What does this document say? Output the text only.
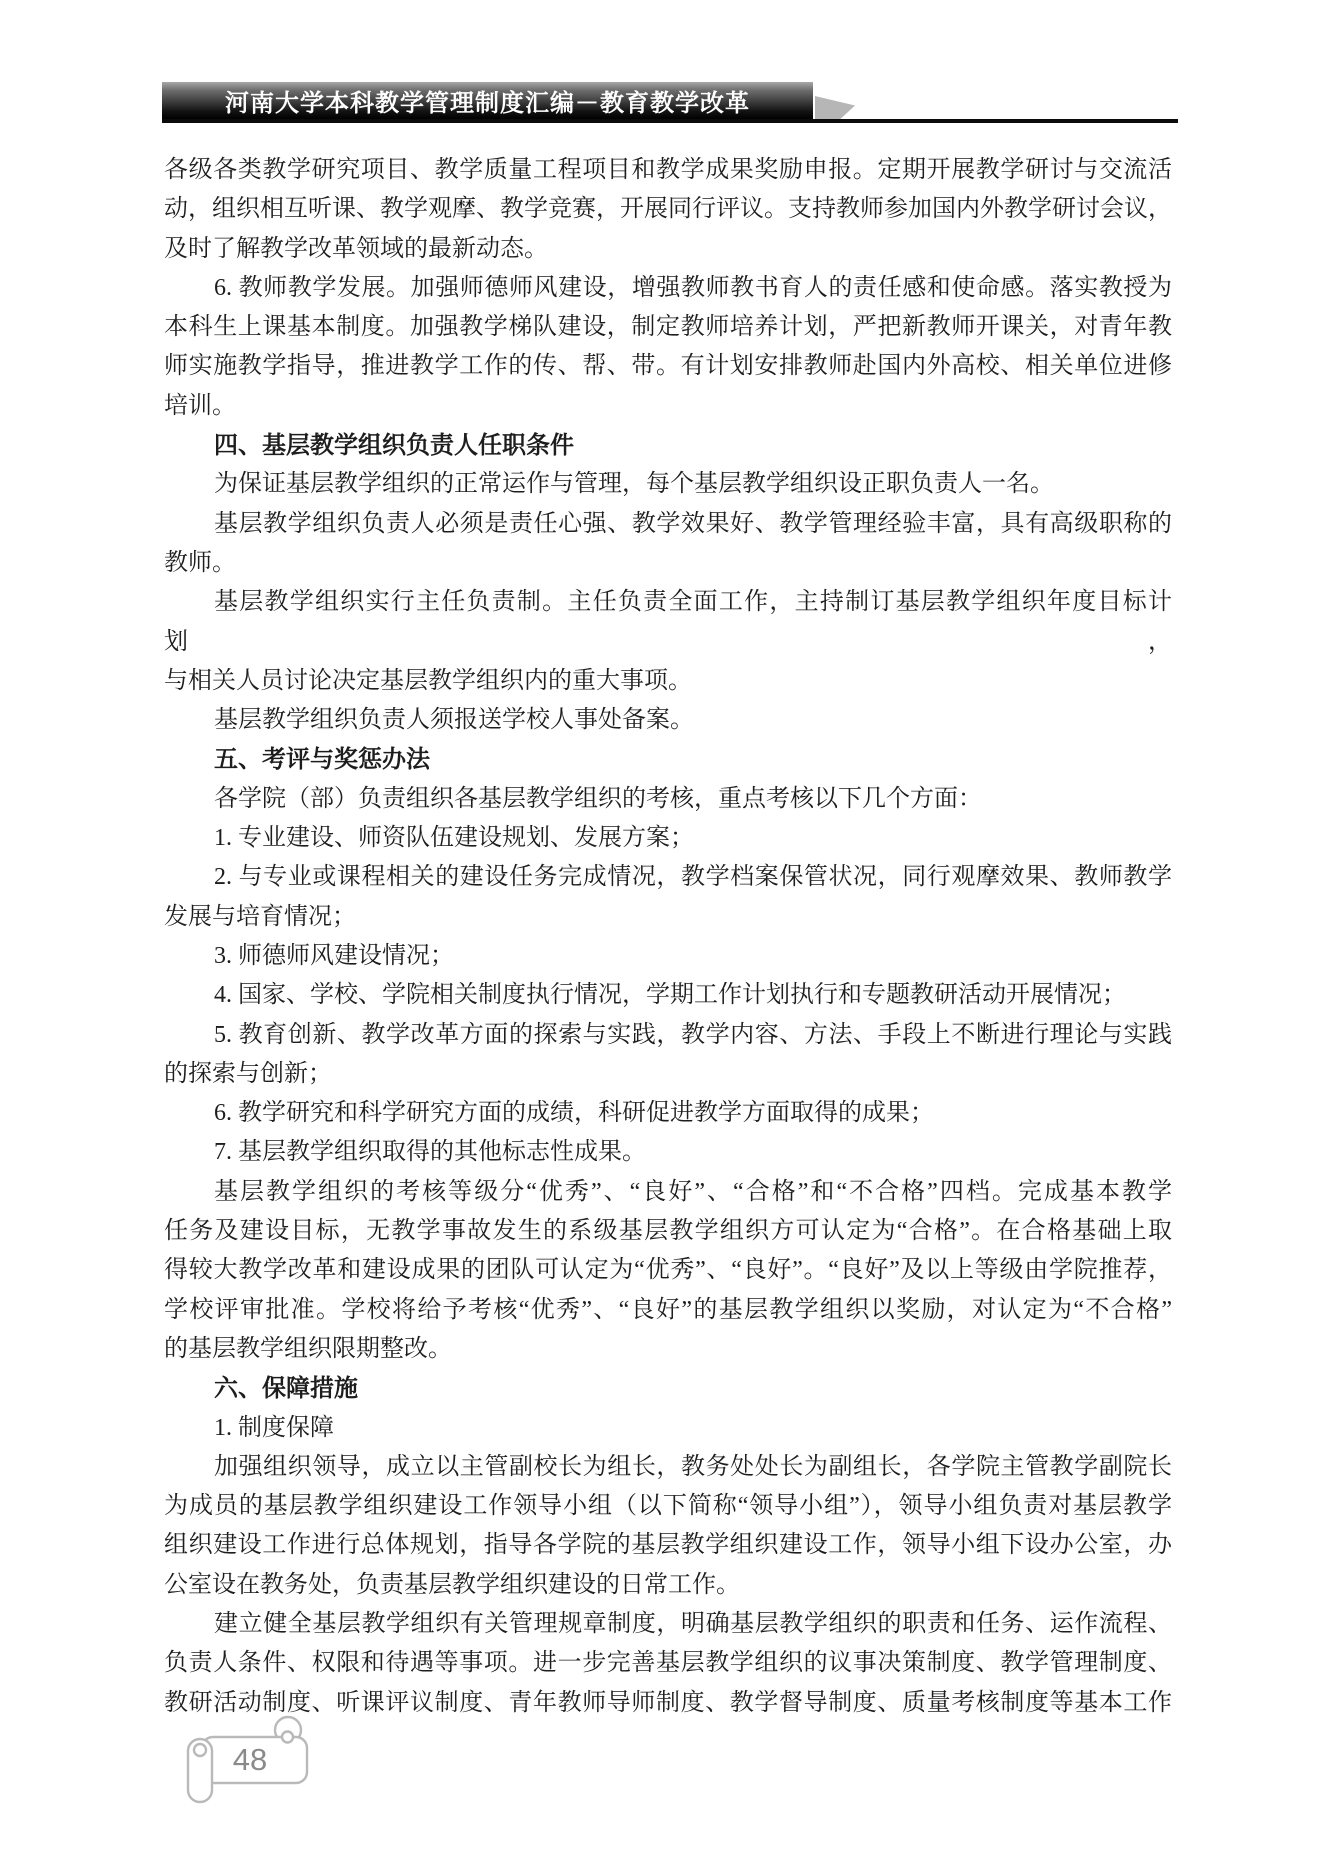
河南大学本科教学管理制度汇编－教育教学改革
各级各类教学研究项目、教学质量工程项目和教学成果奖励申报。定期开展教学研讨与交流活
动，组织相互听课、教学观摩、教学竞赛，开展同行评议。支持教师参加国内外教学研讨会议，
及时了解教学改革领域的最新动态。
6. 教师教学发展。加强师德师风建设，增强教师教书育人的责任感和使命感。落实教授为
本科生上课基本制度。加强教学梯队建设，制定教师培养计划，严把新教师开课关，对青年教
师实施教学指导，推进教学工作的传、帮、带。有计划安排教师赴国内外高校、相关单位进修
培训。
四、基层教学组织负责人任职条件
为保证基层教学组织的正常运作与管理，每个基层教学组织设正职负责人一名。
基层教学组织负责人必须是责任心强、教学效果好、教学管理经验丰富，具有高级职称的
教师。
基层教学组织实行主任负责制。主任负责全面工作，主持制订基层教学组织年度目标计划，
与相关人员讨论决定基层教学组织内的重大事项。
基层教学组织负责人须报送学校人事处备案。
五、考评与奖惩办法
各学院（部）负责组织各基层教学组织的考核，重点考核以下几个方面：
1. 专业建设、师资队伍建设规划、发展方案；
2. 与专业或课程相关的建设任务完成情况，教学档案保管状况，同行观摩效果、教师教学
发展与培育情况；
3. 师德师风建设情况；
4. 国家、学校、学院相关制度执行情况，学期工作计划执行和专题教研活动开展情况；
5. 教育创新、教学改革方面的探索与实践，教学内容、方法、手段上不断进行理论与实践
的探索与创新；
6. 教学研究和科学研究方面的成绩，科研促进教学方面取得的成果；
7. 基层教学组织取得的其他标志性成果。
基层教学组织的考核等级分“优秀”、“良好”、“合格”和“不合格”四档。完成基本教学
任务及建设目标，无教学事故发生的系级基层教学组织方可认定为“合格”。在合格基础上取
得较大教学改革和建设成果的团队可认定为“优秀”、“良好”。“良好”及以上等级由学院推荐，
学校评审批准。学校将给予考核“优秀”、“良好”的基层教学组织以奖励，对认定为“不合格”
的基层教学组织限期整改。
六、保障措施
1. 制度保障
加强组织领导，成立以主管副校长为组长，教务处处长为副组长，各学院主管教学副院长
为成员的基层教学组织建设工作领导小组（以下简称“领导小组”），领导小组负责对基层教学
组织建设工作进行总体规划，指导各学院的基层教学组织建设工作，领导小组下设办公室，办
公室设在教务处，负责基层教学组织建设的日常工作。
建立健全基层教学组织有关管理规章制度，明确基层教学组织的职责和任务、运作流程、
负责人条件、权限和待遇等事项。进一步完善基层教学组织的议事决策制度、教学管理制度、
教研活动制度、听课评议制度、青年教师导师制度、教学督导制度、质量考核制度等基本工作
48
